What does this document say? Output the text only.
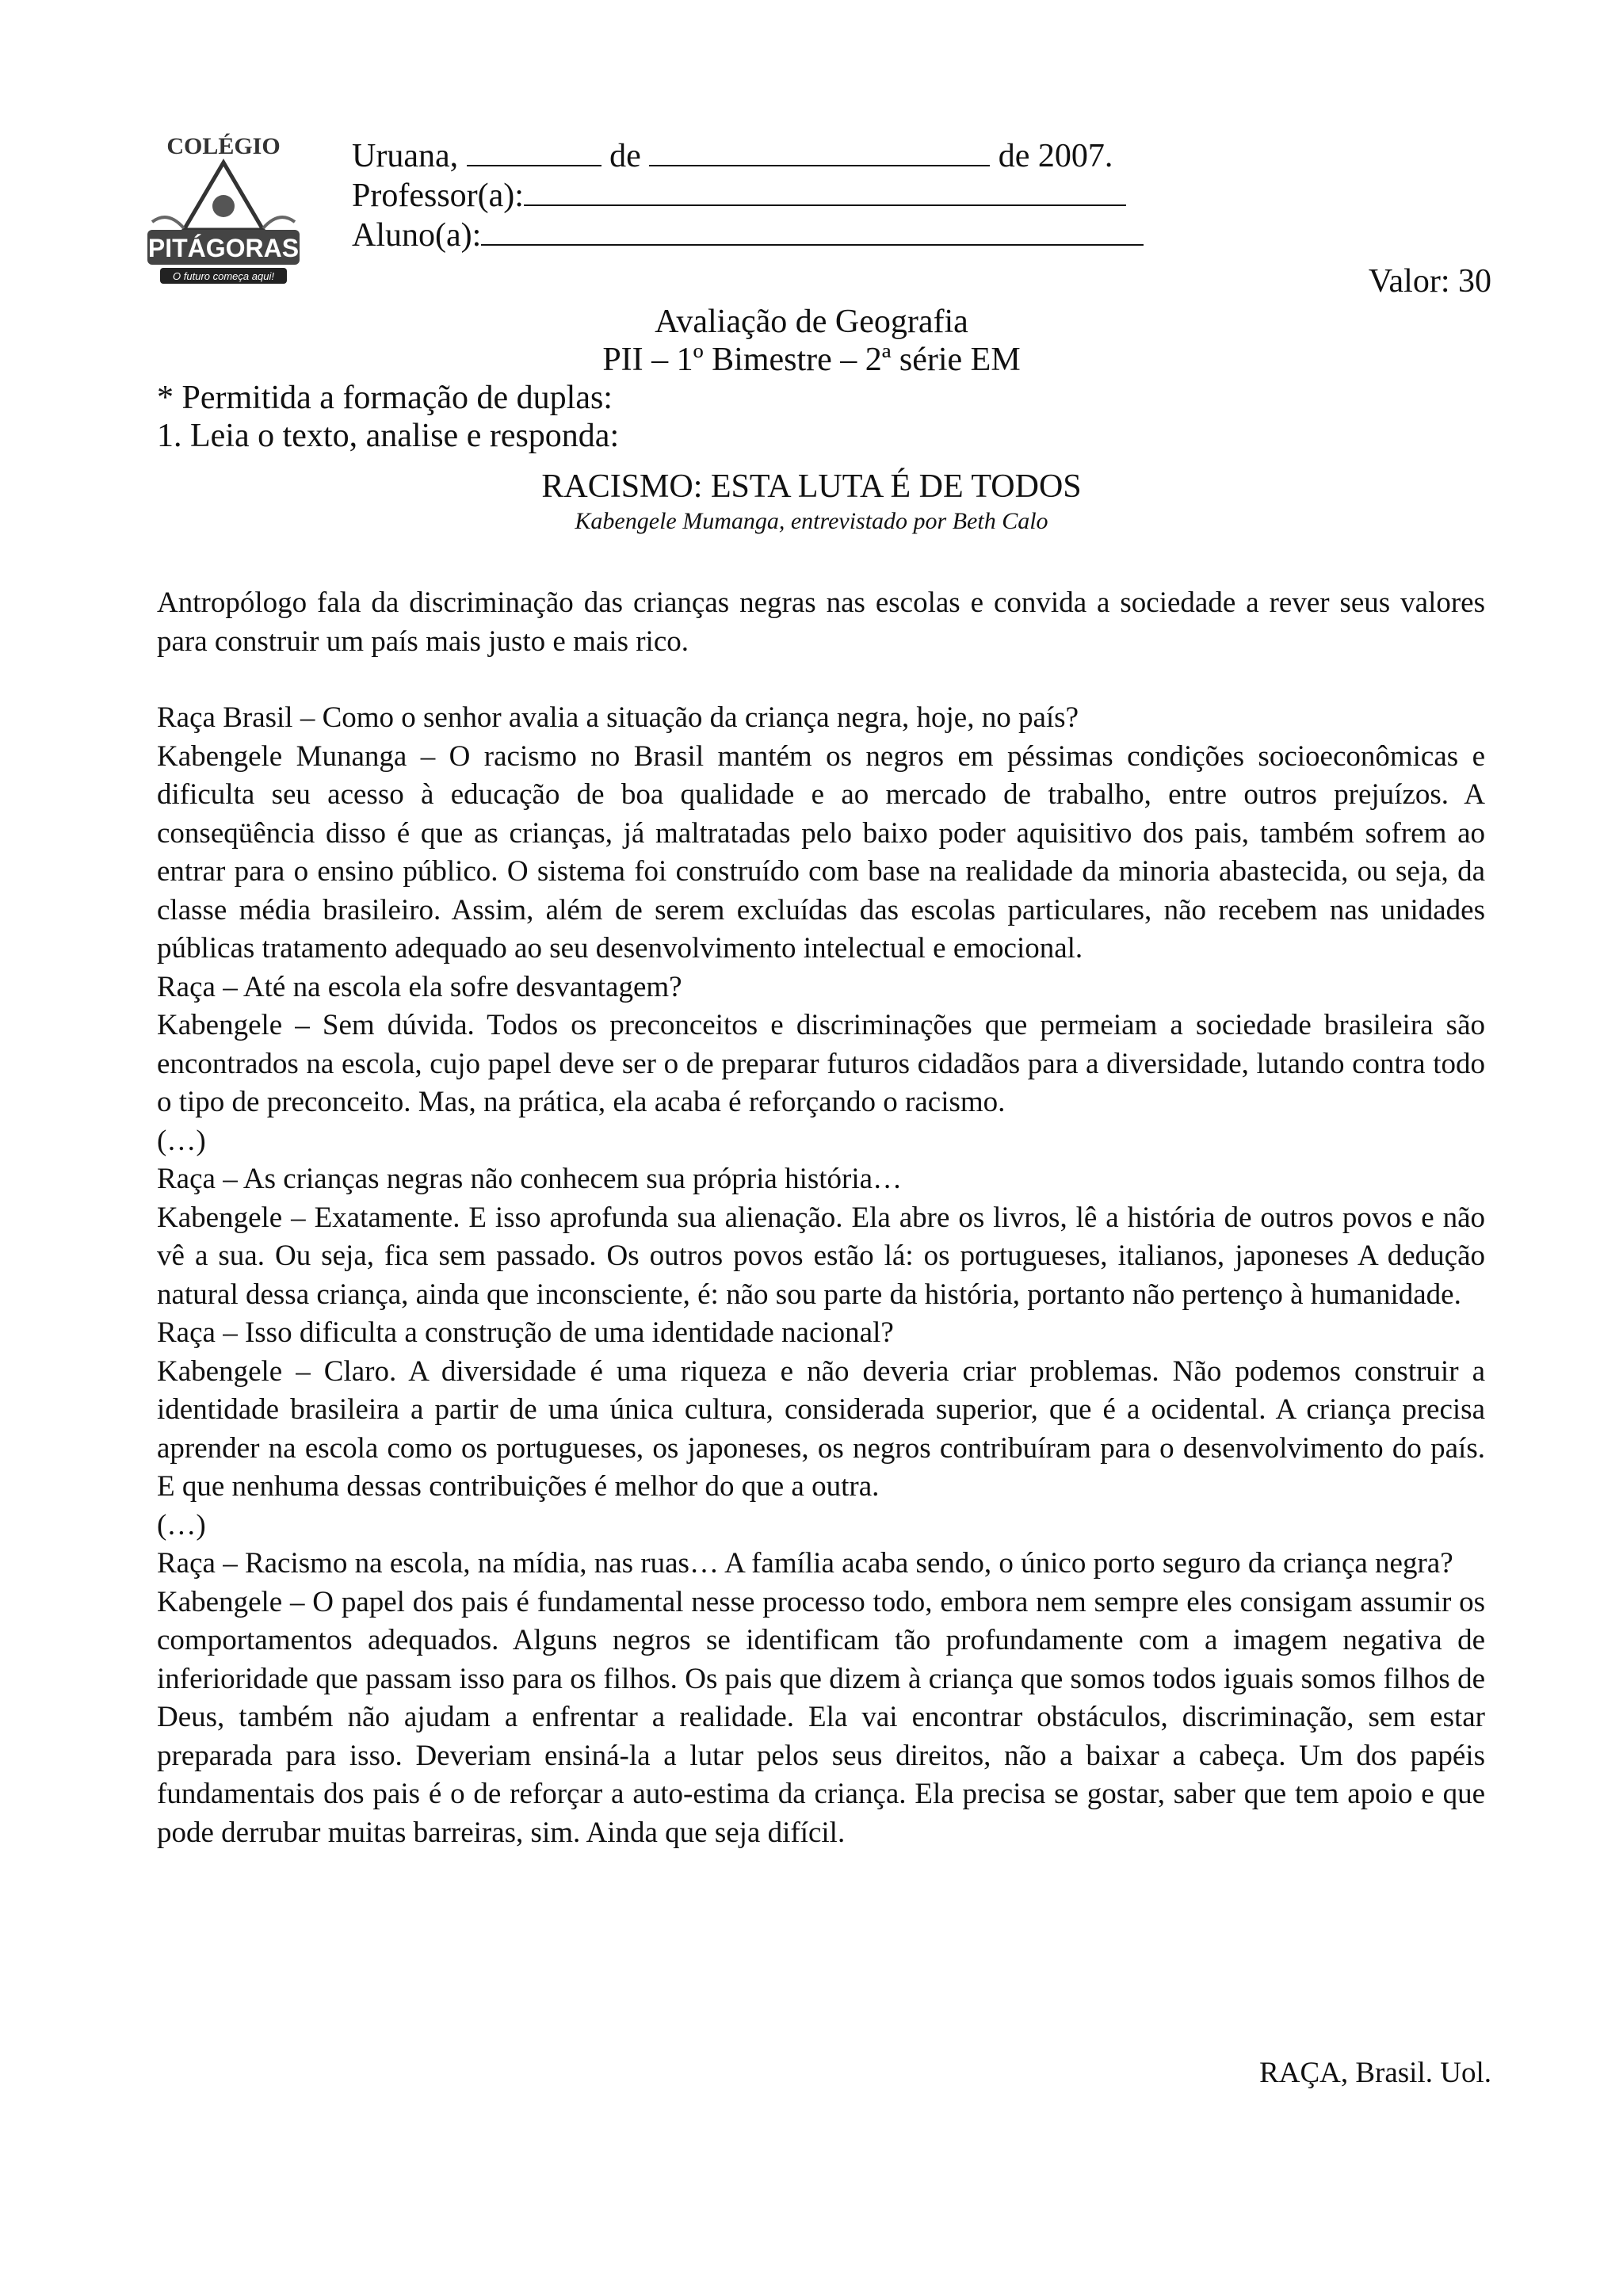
COLÉGIO
PITÁGORAS
O futuro começa aqui!
Uruana,	de	de 2007.
Professor(a):
Aluno(a):
Valor: 30
Avaliação de Geografia
PII – 1º Bimestre – 2ª série EM
* Permitida a formação de duplas:
1. Leia o texto, analise e responda:
RACISMO: ESTA LUTA É DE TODOS
Kabengele Mumanga, entrevistado por Beth Calo

Antropólogo fala da discriminação das crianças negras nas escolas e convida a sociedade a rever seus valores para construir um país mais justo e mais rico.

Raça Brasil – Como o senhor avalia a situação da criança negra, hoje, no país?

Kabengele Munanga – O racismo no Brasil mantém os negros em péssimas condições socioeconômicas e dificulta seu acesso à educação de boa qualidade e ao mercado de trabalho, entre outros prejuízos. A conseqüência disso é que as crianças, já maltratadas pelo baixo poder aquisitivo dos pais, também sofrem ao entrar para o ensino público. O sistema foi construído com base na realidade da minoria abastecida, ou seja, da classe média brasileiro. Assim, além de serem excluídas das escolas particulares, não recebem nas unidades públicas tratamento adequado ao seu desenvolvimento intelectual e emocional.

Raça – Até na escola ela sofre desvantagem?

Kabengele – Sem dúvida. Todos os preconceitos e discriminações que permeiam a sociedade brasileira são encontrados na escola, cujo papel deve ser o de preparar futuros cidadãos para a diversidade, lutando contra todo o tipo de preconceito. Mas, na prática, ela acaba é reforçando o racismo.

(…)

Raça – As crianças negras não conhecem sua própria história…

Kabengele – Exatamente. E isso aprofunda sua alienação. Ela abre os livros, lê a história de outros povos e não vê a sua. Ou seja, fica sem passado. Os outros povos estão lá: os portugueses, italianos, japoneses A dedução natural dessa criança, ainda que inconsciente, é: não sou parte da história, portanto não pertenço à humanidade.

Raça – Isso dificulta a construção de uma identidade nacional?

Kabengele – Claro. A diversidade é uma riqueza e não deveria criar problemas. Não podemos construir a identidade brasileira a partir de uma única cultura, considerada superior, que é a ocidental. A criança precisa aprender na escola como os portugueses, os japoneses, os negros contribuíram para o desenvolvimento do país. E que nenhuma dessas contribuições é melhor do que a outra.

(…)

Raça – Racismo na escola, na mídia, nas ruas… A família acaba sendo, o único porto seguro da criança negra?

Kabengele – O papel dos pais é fundamental nesse processo todo, embora nem sempre eles consigam assumir os comportamentos adequados. Alguns negros se identificam tão profundamente com a imagem negativa de inferioridade que passam isso para os filhos. Os pais que dizem à criança que somos todos iguais somos filhos de Deus, também não ajudam a enfrentar a realidade. Ela vai encontrar obstáculos, discriminação, sem estar preparada para isso. Deveriam ensiná-la a lutar pelos seus direitos, não a baixar a cabeça. Um dos papéis fundamentais dos pais é o de reforçar a auto-estima da criança. Ela precisa se gostar, saber que tem apoio e que pode derrubar muitas barreiras, sim. Ainda que seja difícil.

RAÇA, Brasil. Uol.
